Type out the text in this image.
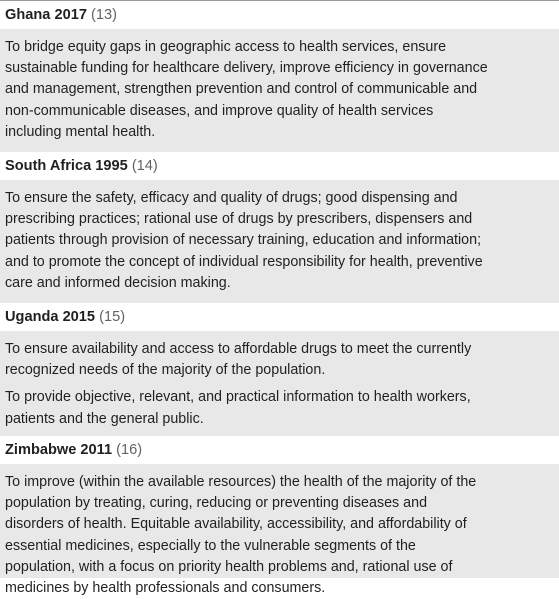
Ghana 2017 (13)
To bridge equity gaps in geographic access to health services, ensure
sustainable funding for healthcare delivery, improve efficiency in governance
and management, strengthen prevention and control of communicable and
non-communicable diseases, and improve quality of health services
including mental health.
South Africa 1995 (14)
To ensure the safety, efficacy and quality of drugs; good dispensing and
prescribing practices; rational use of drugs by prescribers, dispensers and
patients through provision of necessary training, education and information;
and to promote the concept of individual responsibility for health, preventive
care and informed decision making.
Uganda 2015 (15)
To ensure availability and access to affordable drugs to meet the currently
recognized needs of the majority of the population.
To provide objective, relevant, and practical information to health workers,
patients and the general public.
Zimbabwe 2011 (16)
To improve (within the available resources) the health of the majority of the
population by treating, curing, reducing or preventing diseases and
disorders of health. Equitable availability, accessibility, and affordability of
essential medicines, especially to the vulnerable segments of the
population, with a focus on priority health problems and, rational use of
medicines by health professionals and consumers.
